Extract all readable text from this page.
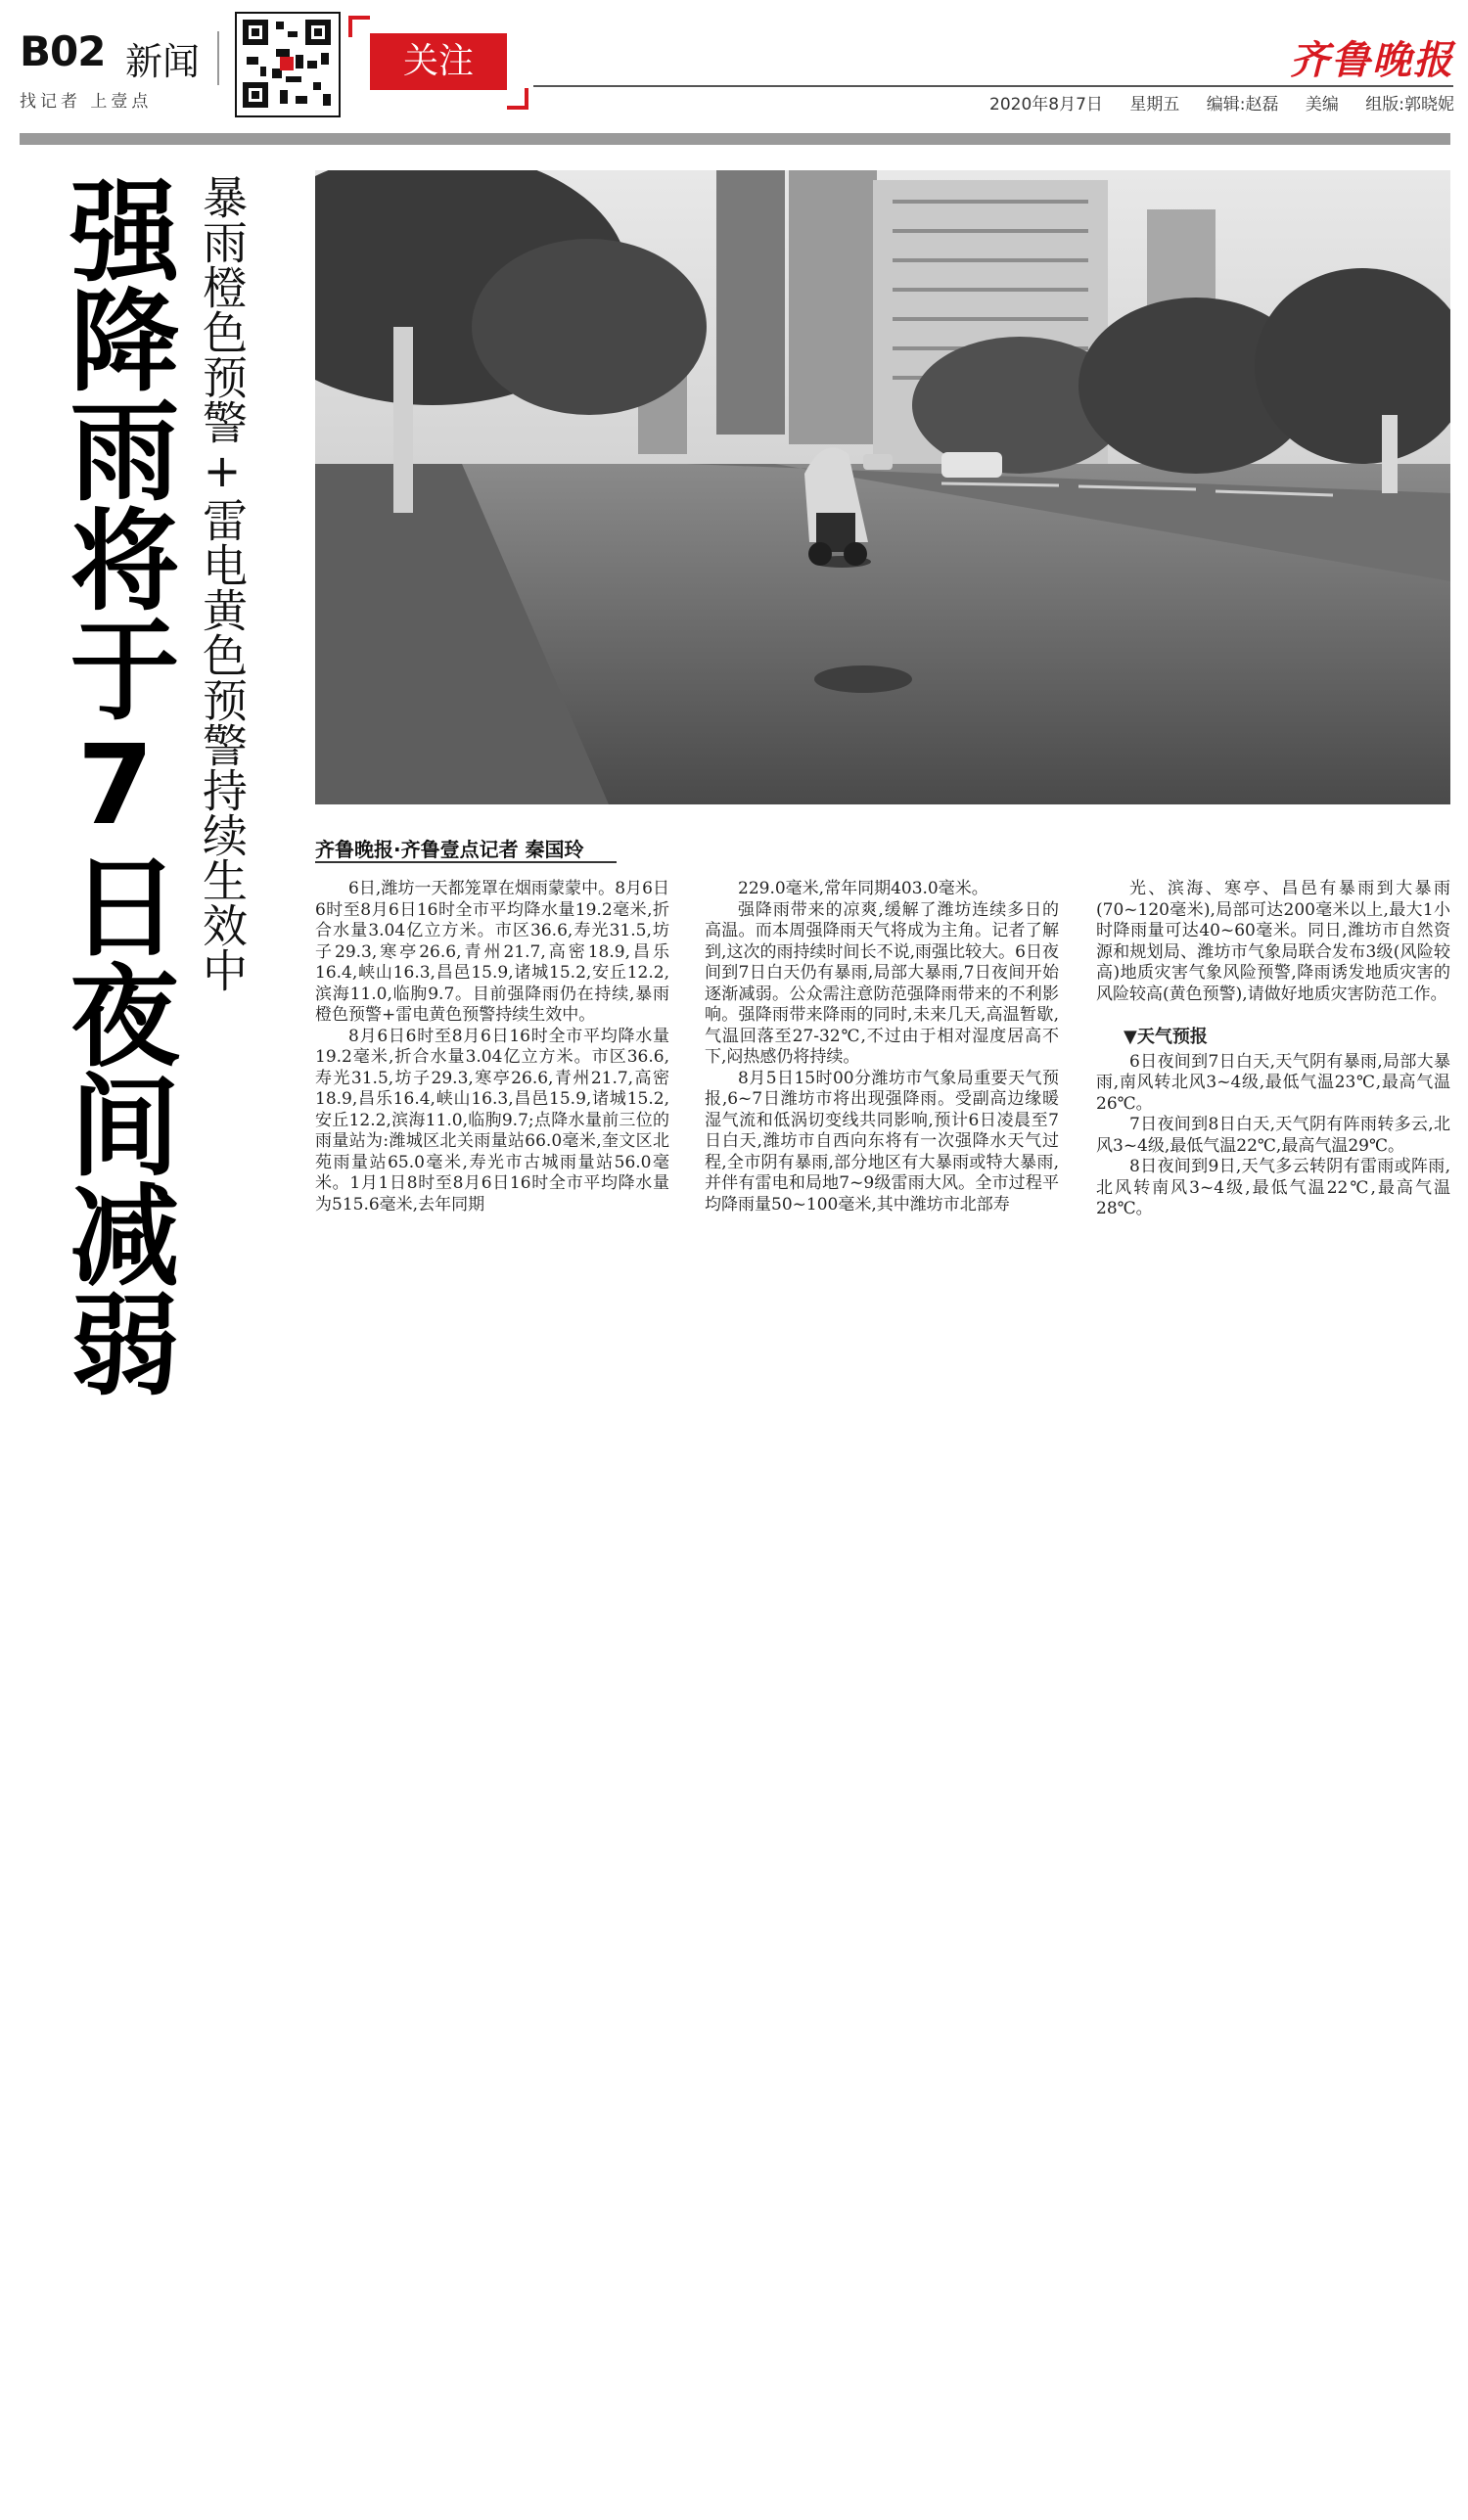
B02 新闻
找记者 上壹点
关注	齐鲁晚报
2020年8月7日 星期五 编辑:赵磊 美编 组版:郭晓妮
强降雨将于7日夜间减弱 暴雨橙色预警+雷电黄色预警持续生效中	齐鲁晚报·齐鲁壹点记者 秦国玲

6日,潍坊一天都笼罩在烟雨蒙蒙中。8月6日6时至8月6日16时全市平均降水量19.2毫米,折合水量3.04亿立方米。市区36.6,寿光31.5,坊子29.3,寒亭26.6,青州21.7,高密18.9,昌乐16.4,峡山16.3,昌邑15.9,诸城15.2,安丘12.2,滨海11.0,临朐9.7。目前强降雨仍在持续,暴雨橙色预警+雷电黄色预警持续生效中。

8月6日6时至8月6日16时全市平均降水量19.2毫米,折合水量3.04亿立方米。市区36.6,寿光31.5,坊子29.3,寒亭26.6,青州21.7,高密18.9,昌乐16.4,峡山16.3,昌邑15.9,诸城15.2,安丘12.2,滨海11.0,临朐9.7;点降水量前三位的雨量站为:潍城区北关雨量站66.0毫米,奎文区北苑雨量站65.0毫米,寿光市古城雨量站56.0毫米。1月1日8时至8月6日16时全市平均降水量为515.6毫米,去年同期

229.0毫米,常年同期403.0毫米。

强降雨带来的凉爽,缓解了潍坊连续多日的高温。而本周强降雨天气将成为主角。记者了解到,这次的雨持续时间长不说,雨强比较大。6日夜间到7日白天仍有暴雨,局部大暴雨,7日夜间开始逐渐减弱。公众需注意防范强降雨带来的不利影响。强降雨带来降雨的同时,未来几天,高温暂歇,气温回落至27-32℃,不过由于相对湿度居高不下,闷热感仍将持续。

8月5日15时00分潍坊市气象局重要天气预报,6~7日潍坊市将出现强降雨。受副高边缘暖湿气流和低涡切变线共同影响,预计6日凌晨至7日白天,潍坊市自西向东将有一次强降水天气过程,全市阴有暴雨,部分地区有大暴雨或特大暴雨,并伴有雷电和局地7~9级雷雨大风。全市过程平均降雨量50~100毫米,其中潍坊市北部寿

光、滨海、寒亭、昌邑有暴雨到大暴雨(70~120毫米),局部可达200毫米以上,最大1小时降雨量可达40~60毫米。同日,潍坊市自然资源和规划局、潍坊市气象局联合发布3级(风险较高)地质灾害气象风险预警,降雨诱发地质灾害的风险较高(黄色预警),请做好地质灾害防范工作。

▼天气预报

6日夜间到7日白天,天气阴有暴雨,局部大暴雨,南风转北风3~4级,最低气温23℃,最高气温26℃。

7日夜间到8日白天,天气阴有阵雨转多云,北风3~4级,最低气温22℃,最高气温29℃。

8日夜间到9日,天气多云转阴有雷雨或阵雨,北风转南风3~4级,最低气温22℃,最高气温28℃。
